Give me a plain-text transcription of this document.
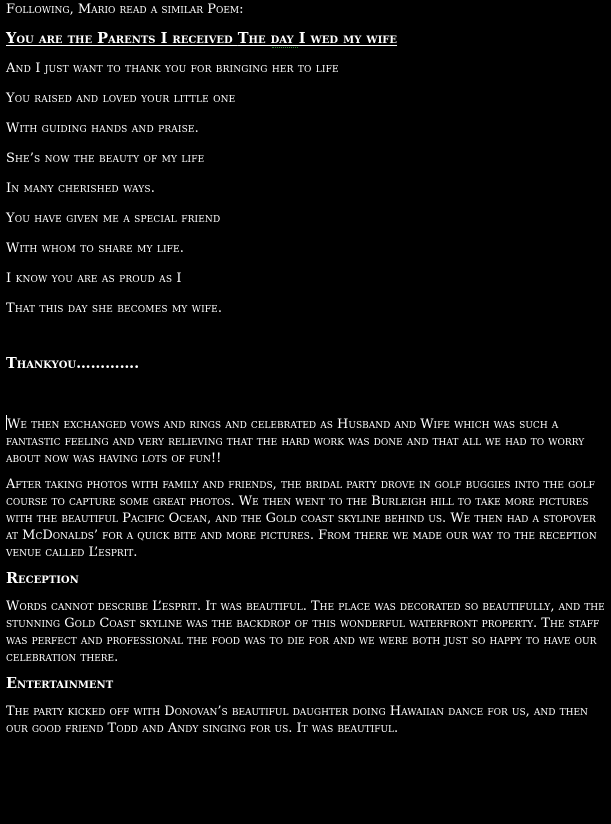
Following, Mario read a similar Poem:

You are the Parents I received The day I wed my wife

And I just want to thank you for bringing her to life

You raised and loved your little one

With guiding hands and praise.

She’s now the beauty of my life

In many cherished ways.

You have given me a special friend

With whom to share my life.

I know you are as proud as I

That this day she becomes my wife.

Thankyou………….

We then exchanged vows and rings and celebrated as Husband and Wife which was such a fantastic feeling and very relieving that the hard work was done and that all we had to worry about now was having lots of fun!!

After taking photos with family and friends, the bridal party drove in golf buggies into the golf course to capture some great photos. We then went to the Burleigh hill to take more pictures with the beautiful Pacific Ocean, and the Gold coast skyline behind us. We then had a stopover at McDonalds’ for a quick bite and more pictures. From there we made our way to the reception venue called L’esprit.

Reception

Words cannot describe L’esprit. It was beautiful. The place was decorated so beautifully, and the stunning Gold Coast skyline was the backdrop of this wonderful waterfront property. The staff was perfect and professional the food was to die for and we were both just so happy to have our celebration there.

Entertainment

The party kicked off with Donovan’s beautiful daughter doing Hawaiian dance for us, and then our good friend Todd and Andy singing for us. It was beautiful.
